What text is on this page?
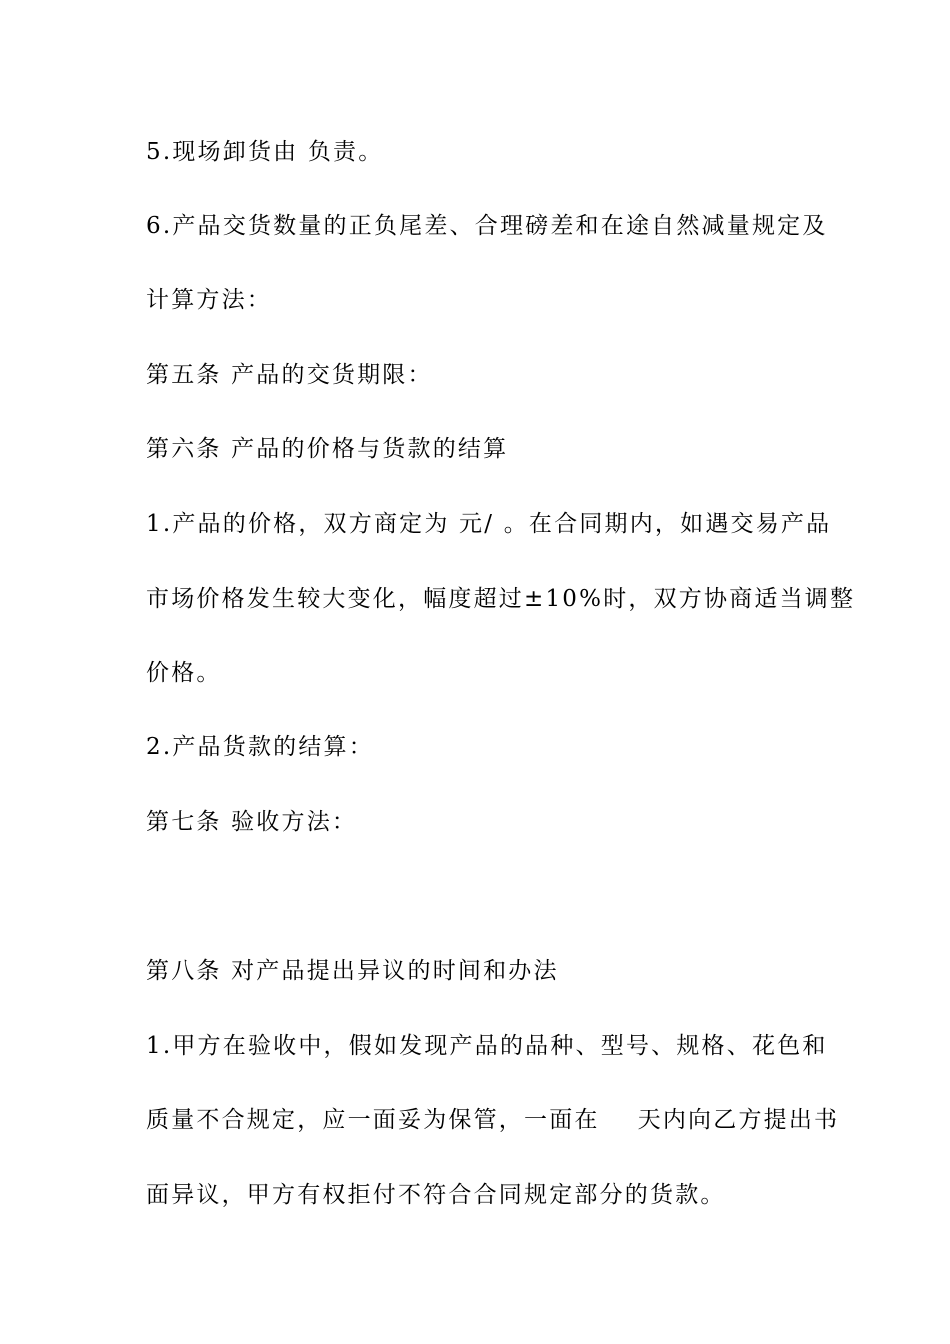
5.现场卸货由 负责。
6.产品交货数量的正负尾差、合理磅差和在途自然减量规定及
计算方法：
第五条 产品的交货期限：
第六条 产品的价格与货款的结算
1.产品的价格，双方商定为 元/ 。在合同期内，如遇交易产品
市场价格发生较大变化，幅度超过±10%时，双方协商适当调整
价格。
2.产品货款的结算：
第七条 验收方法：
第八条 对产品提出异议的时间和办法
1.甲方在验收中，假如发现产品的品种、型号、规格、花色和
质量不合规定，应一面妥为保管，一面在    天内向乙方提出书
面异议，甲方有权拒付不符合合同规定部分的货款。
